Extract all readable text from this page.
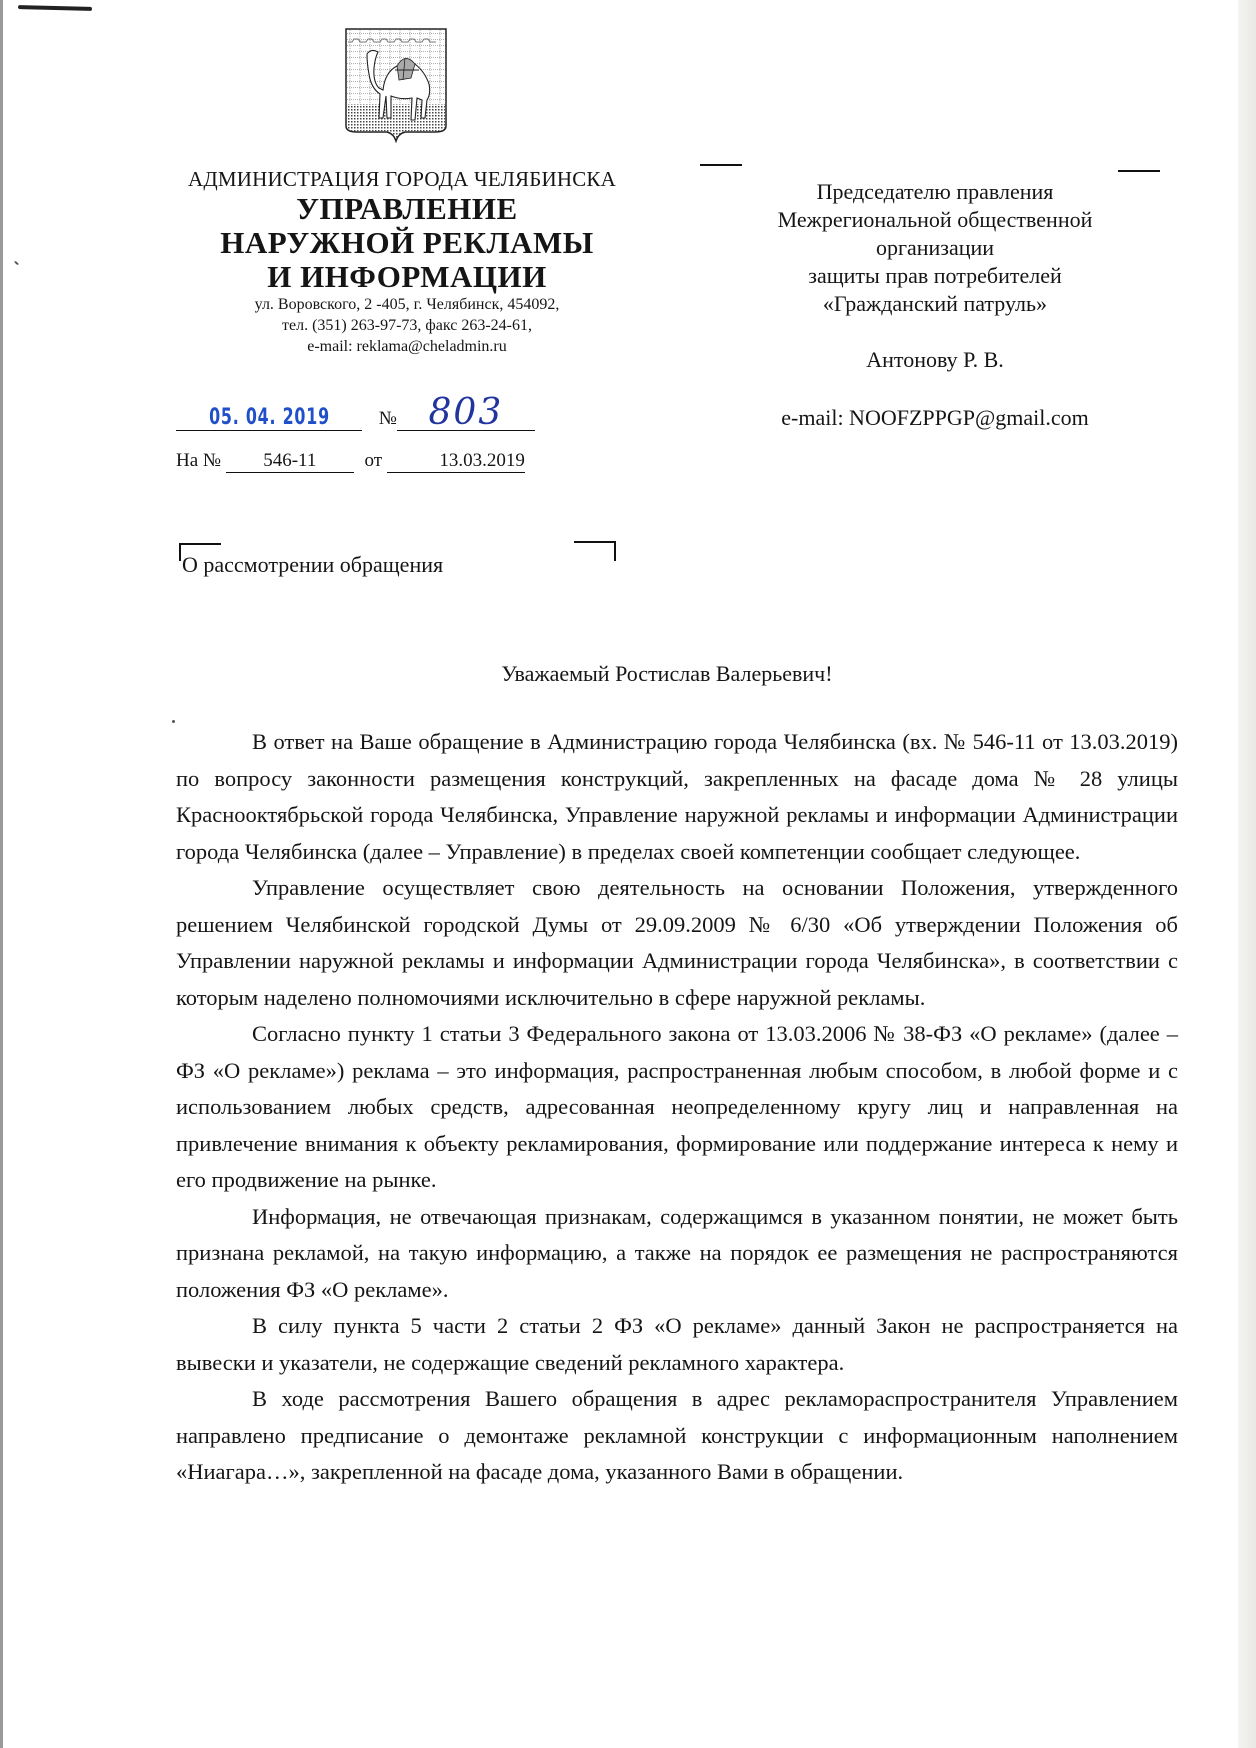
АДМИНИСТРАЦИЯ ГОРОДА ЧЕЛЯБИНСКА
УПРАВЛЕНИЕ
НАРУЖНОЙ РЕКЛАМЫ
И ИНФОРМАЦИИ
ул. Воровского, 2 -405, г. Челябинск, 454092,
тел. (351) 263-97-73, факс 263-24-61,
e-mail: reklama@cheladmin.ru
05. 04. 2019	№ 803
На № 546-11	от	13.03.2019
Председателю правления
Межрегиональной общественной
организации
защиты прав потребителей
«Гражданский патруль»
Антонову Р. В.
e-mail: NOOFZPPGP@gmail.com
О рассмотрении обращения
Уважаемый Ростислав Валерьевич!

В ответ на Ваше обращение в Администрацию города Челябинска (вх. № 546-11 от 13.03.2019) по вопросу законности размещения конструкций, закрепленных на фасаде дома № 28 улицы Краснооктябрьской города Челябинска, Управление наружной рекламы и информации Администрации города Челябинска (далее – Управление) в пределах своей компетенции сообщает следующее.

Управление осуществляет свою деятельность на основании Положения, утвержденного решением Челябинской городской Думы от 29.09.2009 № 6/30 «Об утверждении Положения об Управлении наружной рекламы и информации Администрации города Челябинска», в соответствии с которым наделено полномочиями исключительно в сфере наружной рекламы.

Согласно пункту 1 статьи 3 Федерального закона от 13.03.2006 № 38-ФЗ «О рекламе» (далее – ФЗ «О рекламе») реклама – это информация, распространенная любым способом, в любой форме и с использованием любых средств, адресованная неопределенному кругу лиц и направленная на привлечение внимания к объекту рекламирования, формирование или поддержание интереса к нему и его продвижение на рынке.

Информация, не отвечающая признакам, содержащимся в указанном понятии, не может быть признана рекламой, на такую информацию, а также на порядок ее размещения не распространяются положения ФЗ «О рекламе».

В силу пункта 5 части 2 статьи 2 ФЗ «О рекламе» данный Закон не распространяется на вывески и указатели, не содержащие сведений рекламного характера.

В ходе рассмотрения Вашего обращения в адрес рекламораспространителя Управлением направлено предписание о демонтаже рекламной конструкции с информационным наполнением «Ниагара…», закрепленной на фасаде дома, указанного Вами в обращении.
